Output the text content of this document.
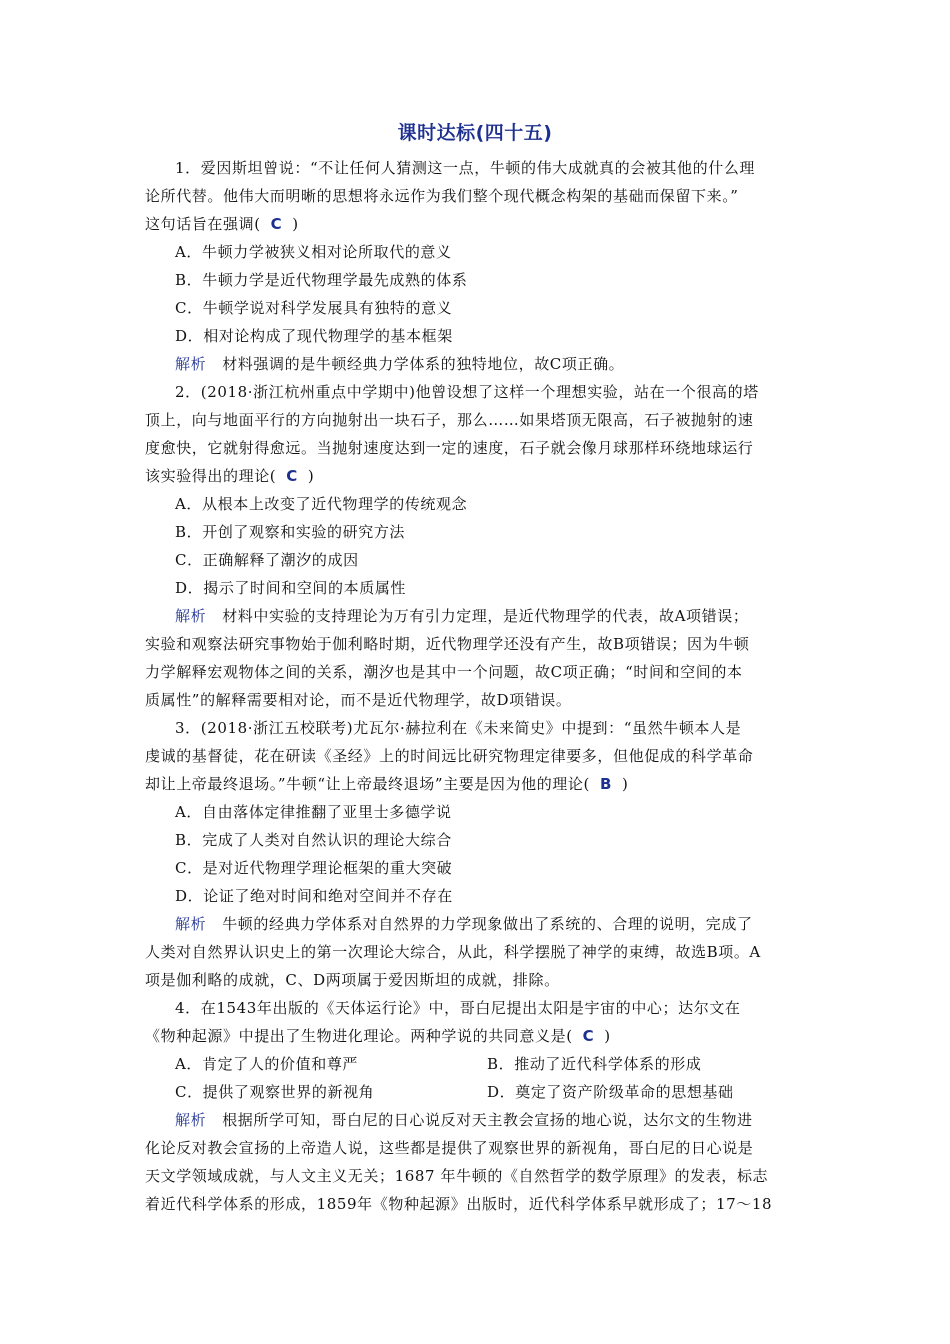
课时达标(四十五)
1．爱因斯坦曾说：“不让任何人猜测这一点，牛顿的伟大成就真的会被其他的什么理
论所代替。他伟大而明晰的思想将永远作为我们整个现代概念构架的基础而保留下来。”
这句话旨在强调( C )
A．牛顿力学被狭义相对论所取代的意义
B．牛顿力学是近代物理学最先成熟的体系
C．牛顿学说对科学发展具有独特的意义
D．相对论构成了现代物理学的基本框架
解析 材料强调的是牛顿经典力学体系的独特地位，故C项正确。
2．(2018·浙江杭州重点中学期中)他曾设想了这样一个理想实验，站在一个很高的塔
顶上，向与地面平行的方向抛射出一块石子，那么……如果塔顶无限高，石子被抛射的速
度愈快，它就射得愈远。当抛射速度达到一定的速度，石子就会像月球那样环绕地球运行
该实验得出的理论( C )
A．从根本上改变了近代物理学的传统观念
B．开创了观察和实验的研究方法
C．正确解释了潮汐的成因
D．揭示了时间和空间的本质属性
解析 材料中实验的支持理论为万有引力定理，是近代物理学的代表，故A项错误；
实验和观察法研究事物始于伽利略时期，近代物理学还没有产生，故B项错误；因为牛顿
力学解释宏观物体之间的关系，潮汐也是其中一个问题，故C项正确；“时间和空间的本
质属性”的解释需要相对论，而不是近代物理学，故D项错误。
3．(2018·浙江五校联考)尤瓦尔·赫拉利在《未来简史》中提到：“虽然牛顿本人是
虔诚的基督徒，花在研读《圣经》上的时间远比研究物理定律要多，但他促成的科学革命
却让上帝最终退场。”牛顿“让上帝最终退场”主要是因为他的理论( B )
A．自由落体定律推翻了亚里士多德学说
B．完成了人类对自然认识的理论大综合
C．是对近代物理学理论框架的重大突破
D．论证了绝对时间和绝对空间并不存在
解析 牛顿的经典力学体系对自然界的力学现象做出了系统的、合理的说明，完成了
人类对自然界认识史上的第一次理论大综合，从此，科学摆脱了神学的束缚，故选B项。A
项是伽利略的成就，C、D两项属于爱因斯坦的成就，排除。
4．在1543年出版的《天体运行论》中，哥白尼提出太阳是宇宙的中心；达尔文在
《物种起源》中提出了生物进化理论。两种学说的共同意义是( C )
A．肯定了人的价值和尊严	B．推动了近代科学体系的形成
C．提供了观察世界的新视角	D．奠定了资产阶级革命的思想基础
解析 根据所学可知，哥白尼的日心说反对天主教会宣扬的地心说，达尔文的生物进
化论反对教会宣扬的上帝造人说，这些都是提供了观察世界的新视角，哥白尼的日心说是
天文学领域成就，与人文主义无关；1687 年牛顿的《自然哲学的数学原理》的发表，标志
着近代科学体系的形成，1859年《物种起源》出版时，近代科学体系早就形成了；17～18
